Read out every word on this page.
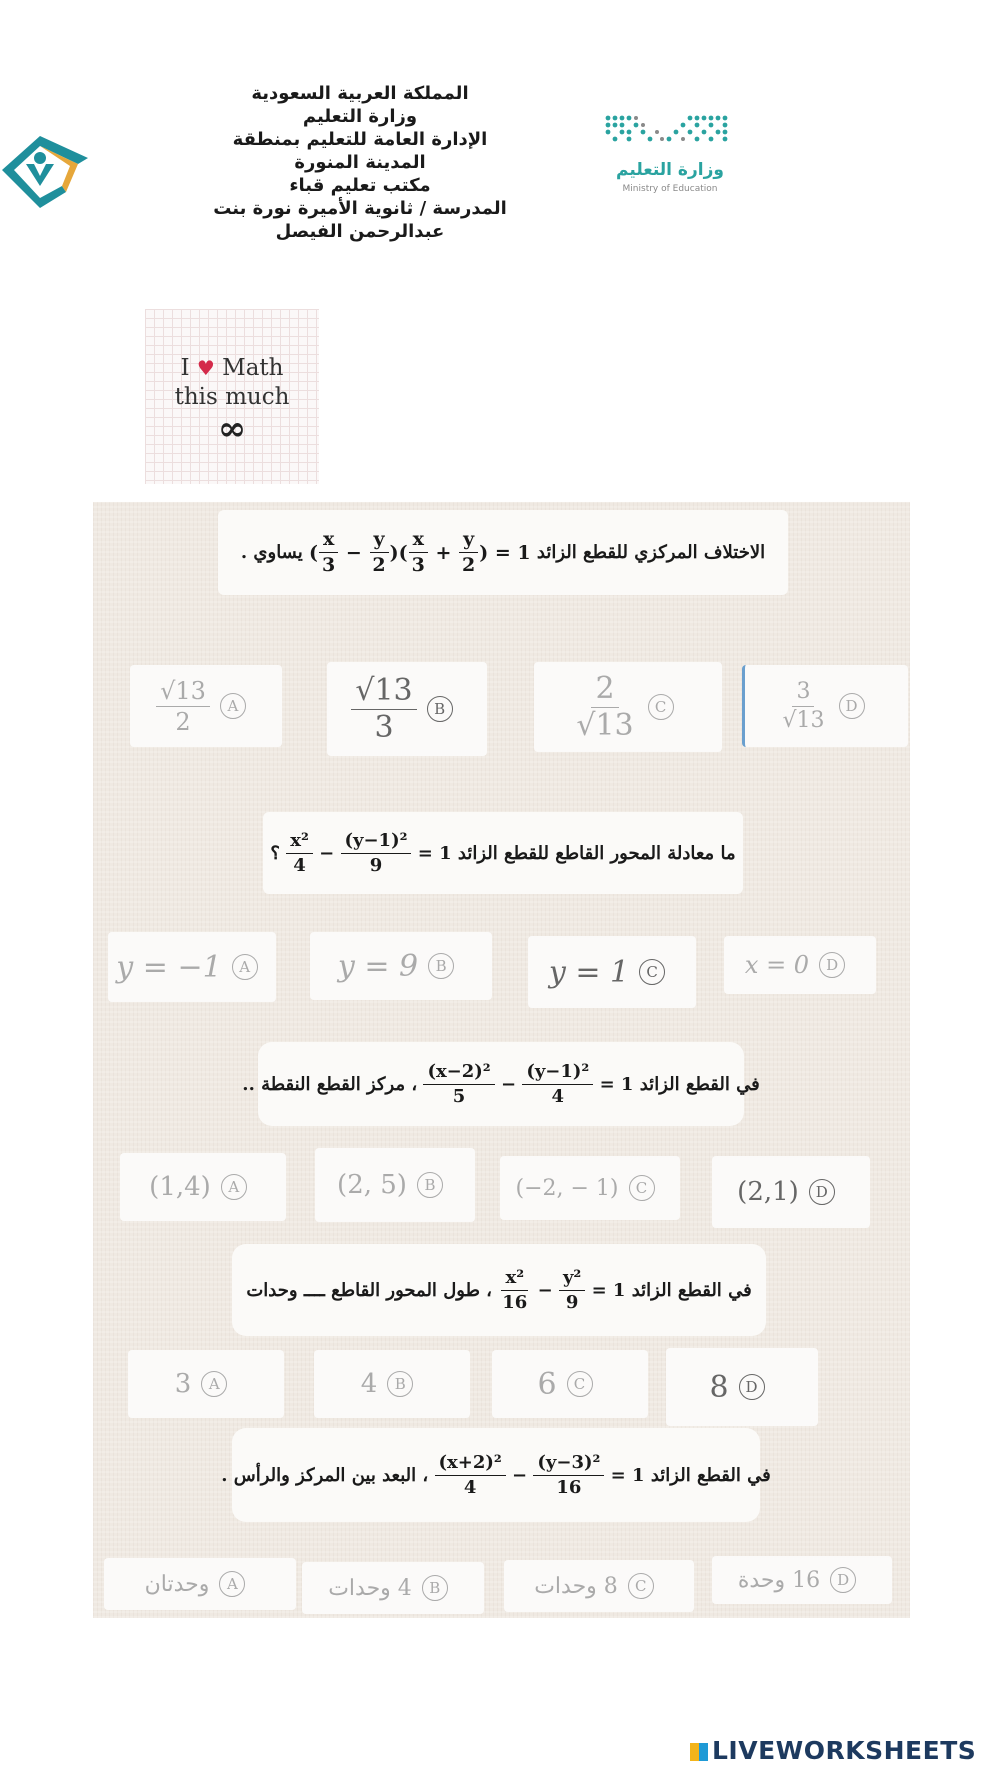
المملكة العربية السعودية
وزارة التعليم
الإدارة العامة للتعليم بمنطقة
المدينة المنورة
مكتب تعليم قباء
المدرسة / ثانوية الأميرة نورة بنت
عبدالرحمن الفيصل
وزارة التعليم
Ministry of Education
I ♥ Math
this much
∞
الاختلاف المركزي للقطع الزائد

( $\frac{x}{3} - \frac{y}{2}$ )( $\frac{x}{3} + \frac{y}{2}$ ) = 1

يساوي .
$\frac{√13}{2}$	A	$\frac{√13}{3}$	B	$\frac{2}{√13}$	C	$\frac{3}{√13}$	D
ما معادلة المحور القاطع للقطع الزائد

$\frac{\text{x²}}{4} - \frac{\text{(y−1)²}}{9} = 1$

؟
y = −1	A	y = 9	B	y = 1	C	x = 0	D
في القطع الزائد

$\frac{\text{(x−2)²}}{5} - \frac{\text{(y−1)²}}{4} = 1$

، مركز القطع النقطة ..
(1,4)	A	(2, 5)	B	(−2, − 1)	C	(2,1)	D
في القطع الزائد

$\frac{\text{x²}}{16} - \frac{\text{y²}}{9} = 1$

، طول المحور القاطع ــــ وحدات
3	A	4	B	6	C	8	D
في القطع الزائد

$\frac{\text{(x+2)²}}{4} - \frac{\text{(y−3)²}}{16} = 1$

، البعد بين المركز والرأس .
وحدتان	A	4 وحدات	B	8 وحدات	C	16 وحدة	D
LIVEWORKSHEETS
